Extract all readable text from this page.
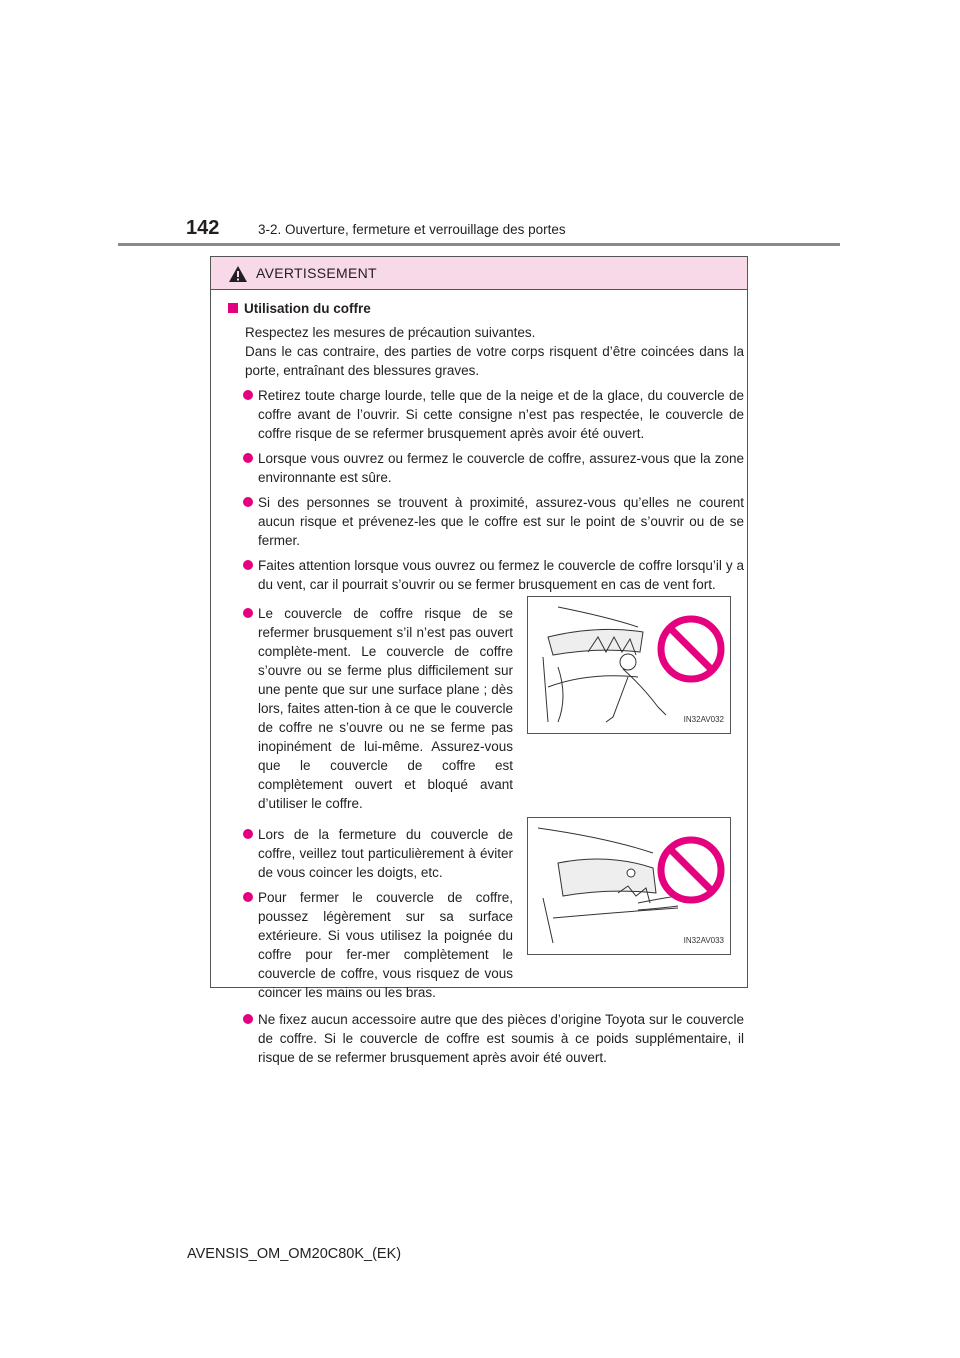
142	3-2. Ouverture, fermeture et verrouillage des portes
AVERTISSEMENT
Utilisation du coffre

Respectez les mesures de précaution suivantes.

Dans le cas contraire, des parties de votre corps risquent d’être coincées dans la porte, entraînant des blessures graves.

Retirez toute charge lourde, telle que de la neige et de la glace, du couvercle de coffre avant de l’ouvrir. Si cette consigne n’est pas respectée, le couvercle de coffre risque de se refermer brusquement après avoir été ouvert.
Lorsque vous ouvrez ou fermez le couvercle de coffre, assurez-vous que la zone environnante est sûre.
Si des personnes se trouvent à proximité, assurez-vous qu’elles ne courent aucun risque et prévenez-les que le coffre est sur le point de s’ouvrir ou de se fermer.
Faites attention lorsque vous ouvrez ou fermez le couvercle de coffre lorsqu’il y a du vent, car il pourrait s’ouvrir ou se fermer brusquement en cas de vent fort.
Le couvercle de coffre risque de se refermer brusquement s’il n’est pas ouvert complète-ment. Le couvercle de coffre s’ouvre ou se ferme plus difficilement sur une pente que sur une surface plane ; dès lors, faites atten-tion à ce que le couvercle de coffre ne s’ouvre ou ne se ferme pas inopinément de lui-même. Assurez-vous que le couvercle de coffre est complètement ouvert et bloqué avant d’utiliser le coffre.
IN32AV032
Lors de la fermeture du couvercle de coffre, veillez tout particulièrement à éviter de vous coincer les doigts, etc.
Pour fermer le couvercle de coffre, poussez légèrement sur sa surface extérieure. Si vous utilisez la poignée du coffre pour fer-mer complètement le couvercle de coffre, vous risquez de vous coincer les mains ou les bras.
IN32AV033
Ne fixez aucun accessoire autre que des pièces d’origine Toyota sur le couvercle de coffre. Si le couvercle de coffre est soumis à ce poids supplémentaire, il risque de se refermer brusquement après avoir été ouvert.
AVENSIS_OM_OM20C80K_(EK)
